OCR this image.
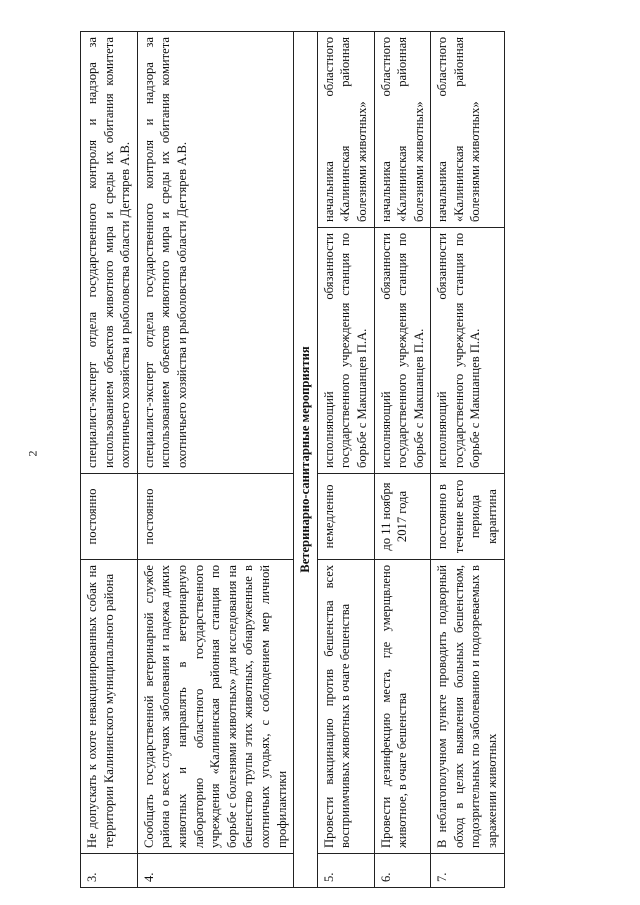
2
3.	Не допускать к охоте невакцинированных собак на территории Калининского муниципального района	постоянно	специалист-эксперт отдела государственного контроля и надзора за использованием объектов животного мира и среды их обитания комитета охотничьего хозяйства и рыболовства области Дегтярев А.В.	
4.	Сообщать государственной ветеринарной службе района о всех случаях заболевания и падежа диких животных и направлять в ветеринарную лабораторию областного государственного учреждения «Калининская районная станция по борьбе с болезнями животных» для исследования на бешенство трупы этих животных, обнаруженные в охотничьих угодьях, с соблюдением мер личной профилактики	постоянно	специалист-эксперт отдела государственного контроля и надзора за использованием объектов животного мира и среды их обитания комитета охотничьего хозяйства и рыболовства области Дегтярев А.В.	
Ветеринарно-санитарные мероприятия				
5.	Провести вакцинацию против бешенства всех восприимчивых животных в очаге бешенства	немедленно	исполняющий обязанности государственного учреждения станция по борьбе с Макшанцев П.А.	начальника областного «Калининская районная болезнями животных»
6.	Провести дезинфекцию места, где умерщвлено животное, в очаге бешенства	до 11 ноября 2017 года	исполняющий обязанности государственного учреждения станция по борьбе с Макшанцев П.А.	начальника областного «Калининская районная болезнями животных»
7.	В неблагополучном пункте проводить подворный обход в целях выявления больных бешенством, подозрительных по заболеванию и подозреваемых в заражении животных	постоянно в течение всего периода карантина	исполняющий обязанности государственного учреждения станция по борьбе с Макшанцев П.А.	начальника областного «Калининская районная болезнями животных»
